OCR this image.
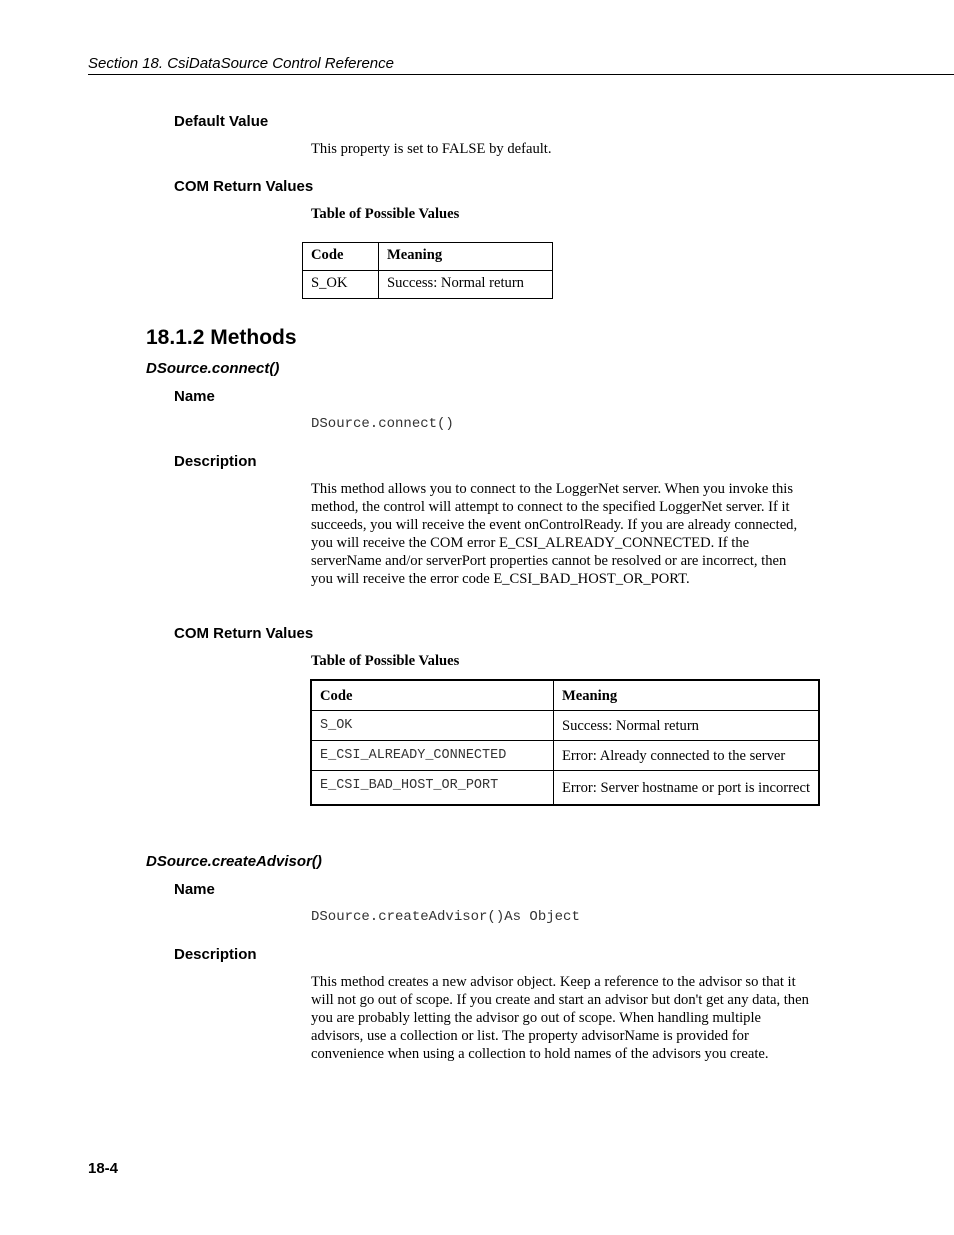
Section 18. CsiDataSource Control Reference
Default Value
This property is set to FALSE by default.
COM Return Values
Table of Possible Values
Code	Meaning
S_OK	Success: Normal return
18.1.2 Methods
DSource.connect()
Name
DSource.connect()
Description
This method allows you to connect to the LoggerNet server. When you invoke this method, the control will attempt to connect to the specified LoggerNet server. If it succeeds, you will receive the event onControlReady. If you are already connected, you will receive the COM error E_CSI_ALREADY_CONNECTED. If the serverName and/or serverPort properties cannot be resolved or are incorrect, then you will receive the error code E_CSI_BAD_HOST_OR_PORT.
COM Return Values
Table of Possible Values
Code	Meaning
S_OK	Success: Normal return
E_CSI_ALREADY_CONNECTED	Error: Already connected to the server
E_CSI_BAD_HOST_OR_PORT	Error: Server hostname or port is incorrect
DSource.createAdvisor()
Name
DSource.createAdvisor()As Object
Description
This method creates a new advisor object. Keep a reference to the advisor so that it will not go out of scope. If you create and start an advisor but don't get any data, then you are probably letting the advisor go out of scope. When handling multiple advisors, use a collection or list. The property advisorName is provided for convenience when using a collection to hold names of the advisors you create.
18-4
